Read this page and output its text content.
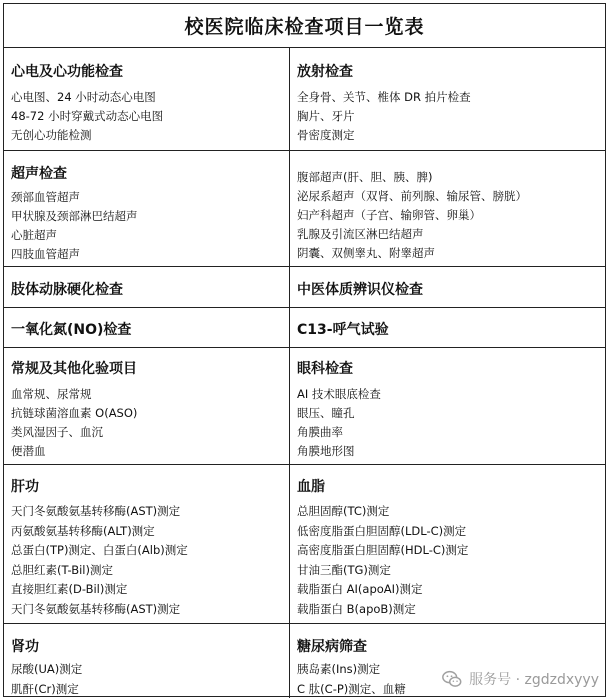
校医院临床检查项目一览表
心电及心功能检查
心电图、24 小时动态心电图
48-72 小时穿戴式动态心电图
无创心功能检测
放射检查
全身骨、关节、椎体 DR 拍片检查
胸片、牙片
骨密度测定
超声检查
颈部血管超声
甲状腺及颈部淋巴结超声
心脏超声
四肢血管超声
腹部超声(肝、胆、胰、脾)
泌尿系超声（双肾、前列腺、输尿管、膀胱）
妇产科超声（子宫、输卵管、卵巢）
乳腺及引流区淋巴结超声
阴囊、双侧睾丸、附睾超声
肢体动脉硬化检查	中医体质辨识仪检查
一氧化氮(NO)检查	C13-呼气试验
常规及其他化验项目
血常规、尿常规
抗链球菌溶血素 O(ASO)
类风湿因子、血沉
便潜血
眼科检查
AI 技术眼底检查
眼压、瞳孔
角膜曲率
角膜地形图
肝功
天门冬氨酸氨基转移酶(AST)测定
丙氨酸氨基转移酶(ALT)测定
总蛋白(TP)测定、白蛋白(Alb)测定
总胆红素(T-Bil)测定
直接胆红素(D-Bil)测定
天门冬氨酸氨基转移酶(AST)测定
血脂
总胆固醇(TC)测定
低密度脂蛋白胆固醇(LDL-C)测定
高密度脂蛋白胆固醇(HDL-C)测定
甘油三酯(TG)测定
载脂蛋白 AⅠ(apoAⅠ)测定
载脂蛋白 B(apoB)测定
肾功
尿酸(UA)测定
肌酐(Cr)测定
糖尿病筛查
胰岛素(Ins)测定
C 肽(C-P)测定、血糖
服务号 · zgdzdxyyy
